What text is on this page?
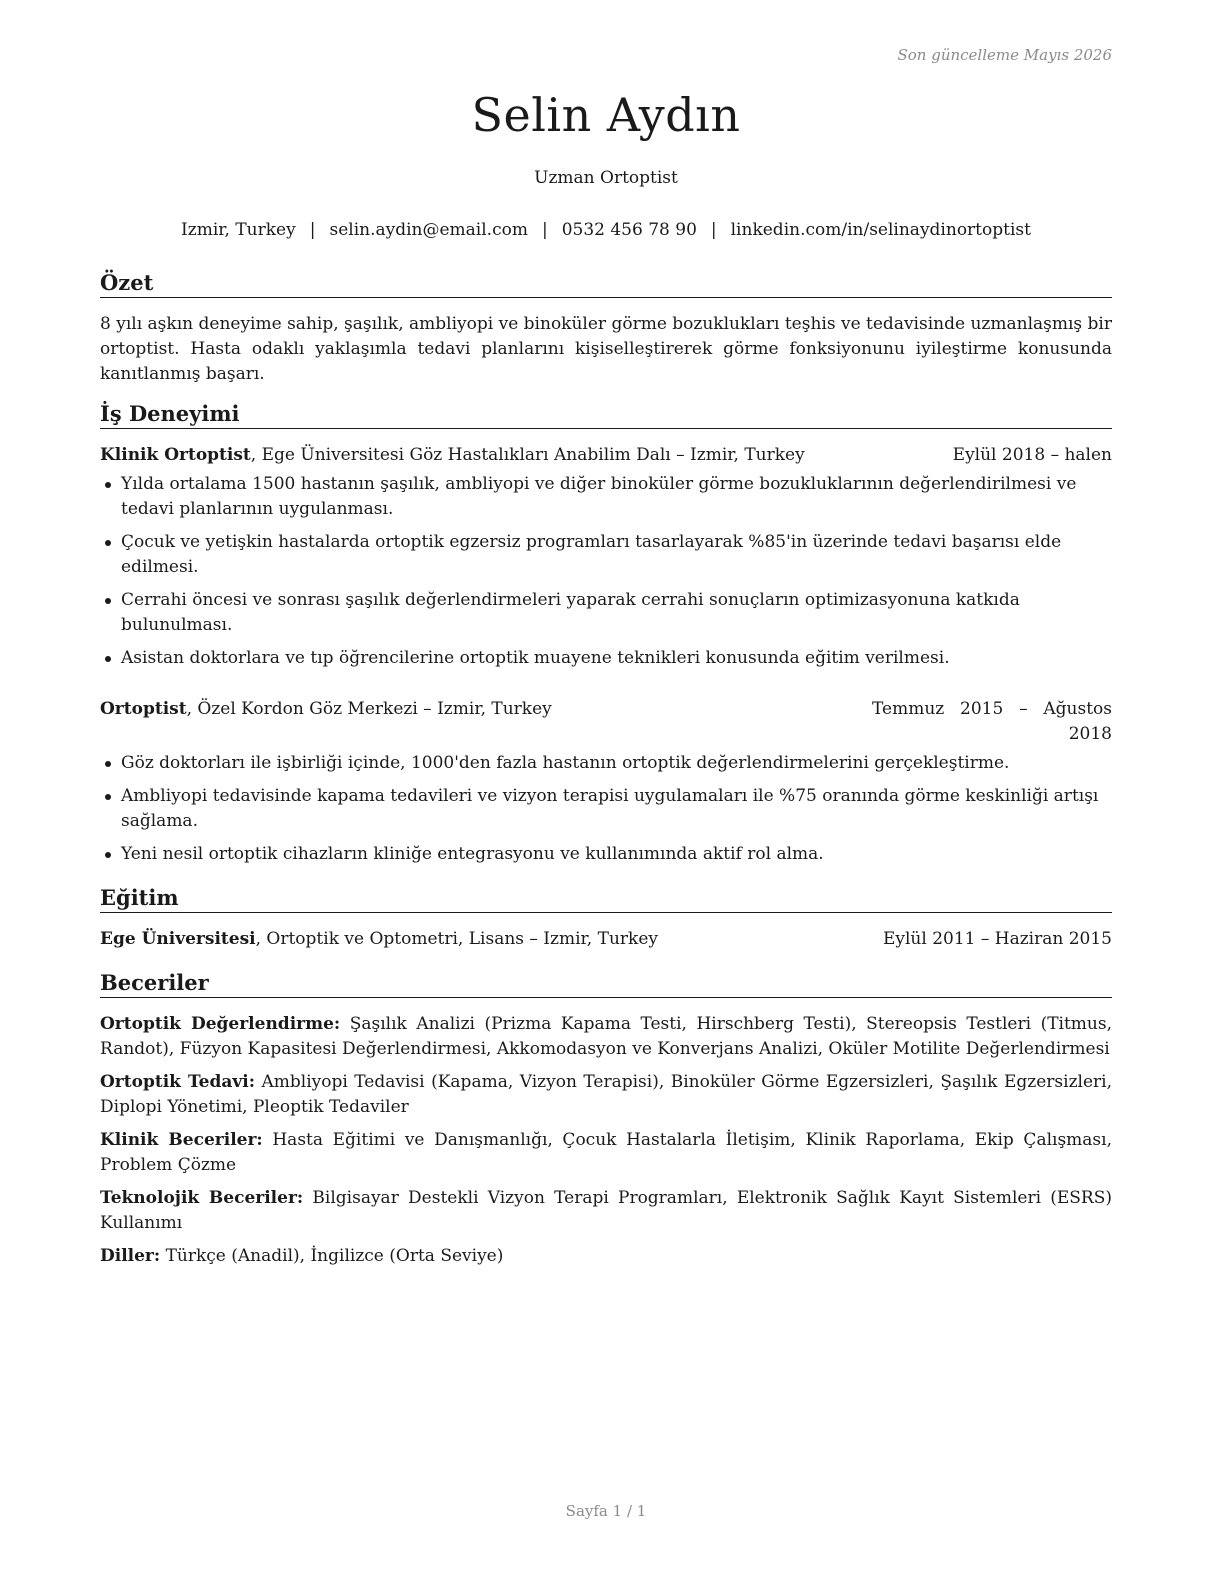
Son güncelleme Mayıs 2026
Selin Aydın
Uzman Ortoptist
Izmir, Turkey | selin.aydin@email.com | 0532 456 78 90 | linkedin.com/in/selinaydinortoptist
Özet

8 yılı aşkın deneyime sahip, şaşılık, ambliyopi ve binoküler görme bozuklukları teşhis ve tedavisinde uzmanlaşmış bir ortoptist. Hasta odaklı yaklaşımla tedavi planlarını kişiselleştirerek görme fonksiyonunu iyileştirme konusunda kanıtlanmış başarı.

İş Deneyimi
Klinik Ortoptist, Ege Üniversitesi Göz Hastalıkları Anabilim Dalı – Izmir, Turkey	Eylül 2018 – halen
Yılda ortalama 1500 hastanın şaşılık, ambliyopi ve diğer binoküler görme bozukluklarının değerlendirilmesi ve tedavi planlarının uygulanması.
Çocuk ve yetişkin hastalarda ortoptik egzersiz programları tasarlayarak %85'in üzerinde tedavi başarısı elde edilmesi.
Cerrahi öncesi ve sonrası şaşılık değerlendirmeleri yaparak cerrahi sonuçların optimizasyonuna katkıda bulunulması.
Asistan doktorlara ve tıp öğrencilerine ortoptik muayene teknikleri konusunda eğitim verilmesi.
Ortoptist, Özel Kordon Göz Merkezi – Izmir, Turkey	Temmuz 2015 – Ağustos 2018
Göz doktorları ile işbirliği içinde, 1000'den fazla hastanın ortoptik değerlendirmelerini gerçekleştirme.
Ambliyopi tedavisinde kapama tedavileri ve vizyon terapisi uygulamaları ile %75 oranında görme keskinliği artışı sağlama.
Yeni nesil ortoptik cihazların kliniğe entegrasyonu ve kullanımında aktif rol alma.
Eğitim
Ege Üniversitesi, Ortoptik ve Optometri, Lisans – Izmir, Turkey	Eylül 2011 – Haziran 2015
Beceriler
Ortoptik Değerlendirme: Şaşılık Analizi (Prizma Kapama Testi, Hirschberg Testi), Stereopsis Testleri (Titmus, Randot), Füzyon Kapasitesi Değerlendirmesi, Akkomodasyon ve Konverjans Analizi, Oküler Motilite Değerlendirmesi
Ortoptik Tedavi: Ambliyopi Tedavisi (Kapama, Vizyon Terapisi), Binoküler Görme Egzersizleri, Şaşılık Egzersizleri, Diplopi Yönetimi, Pleoptik Tedaviler
Klinik Beceriler: Hasta Eğitimi ve Danışmanlığı, Çocuk Hastalarla İletişim, Klinik Raporlama, Ekip Çalışması, Problem Çözme
Teknolojik Beceriler: Bilgisayar Destekli Vizyon Terapi Programları, Elektronik Sağlık Kayıt Sistemleri (ESRS) Kullanımı
Diller: Türkçe (Anadil), İngilizce (Orta Seviye)
Sayfa 1 / 1
